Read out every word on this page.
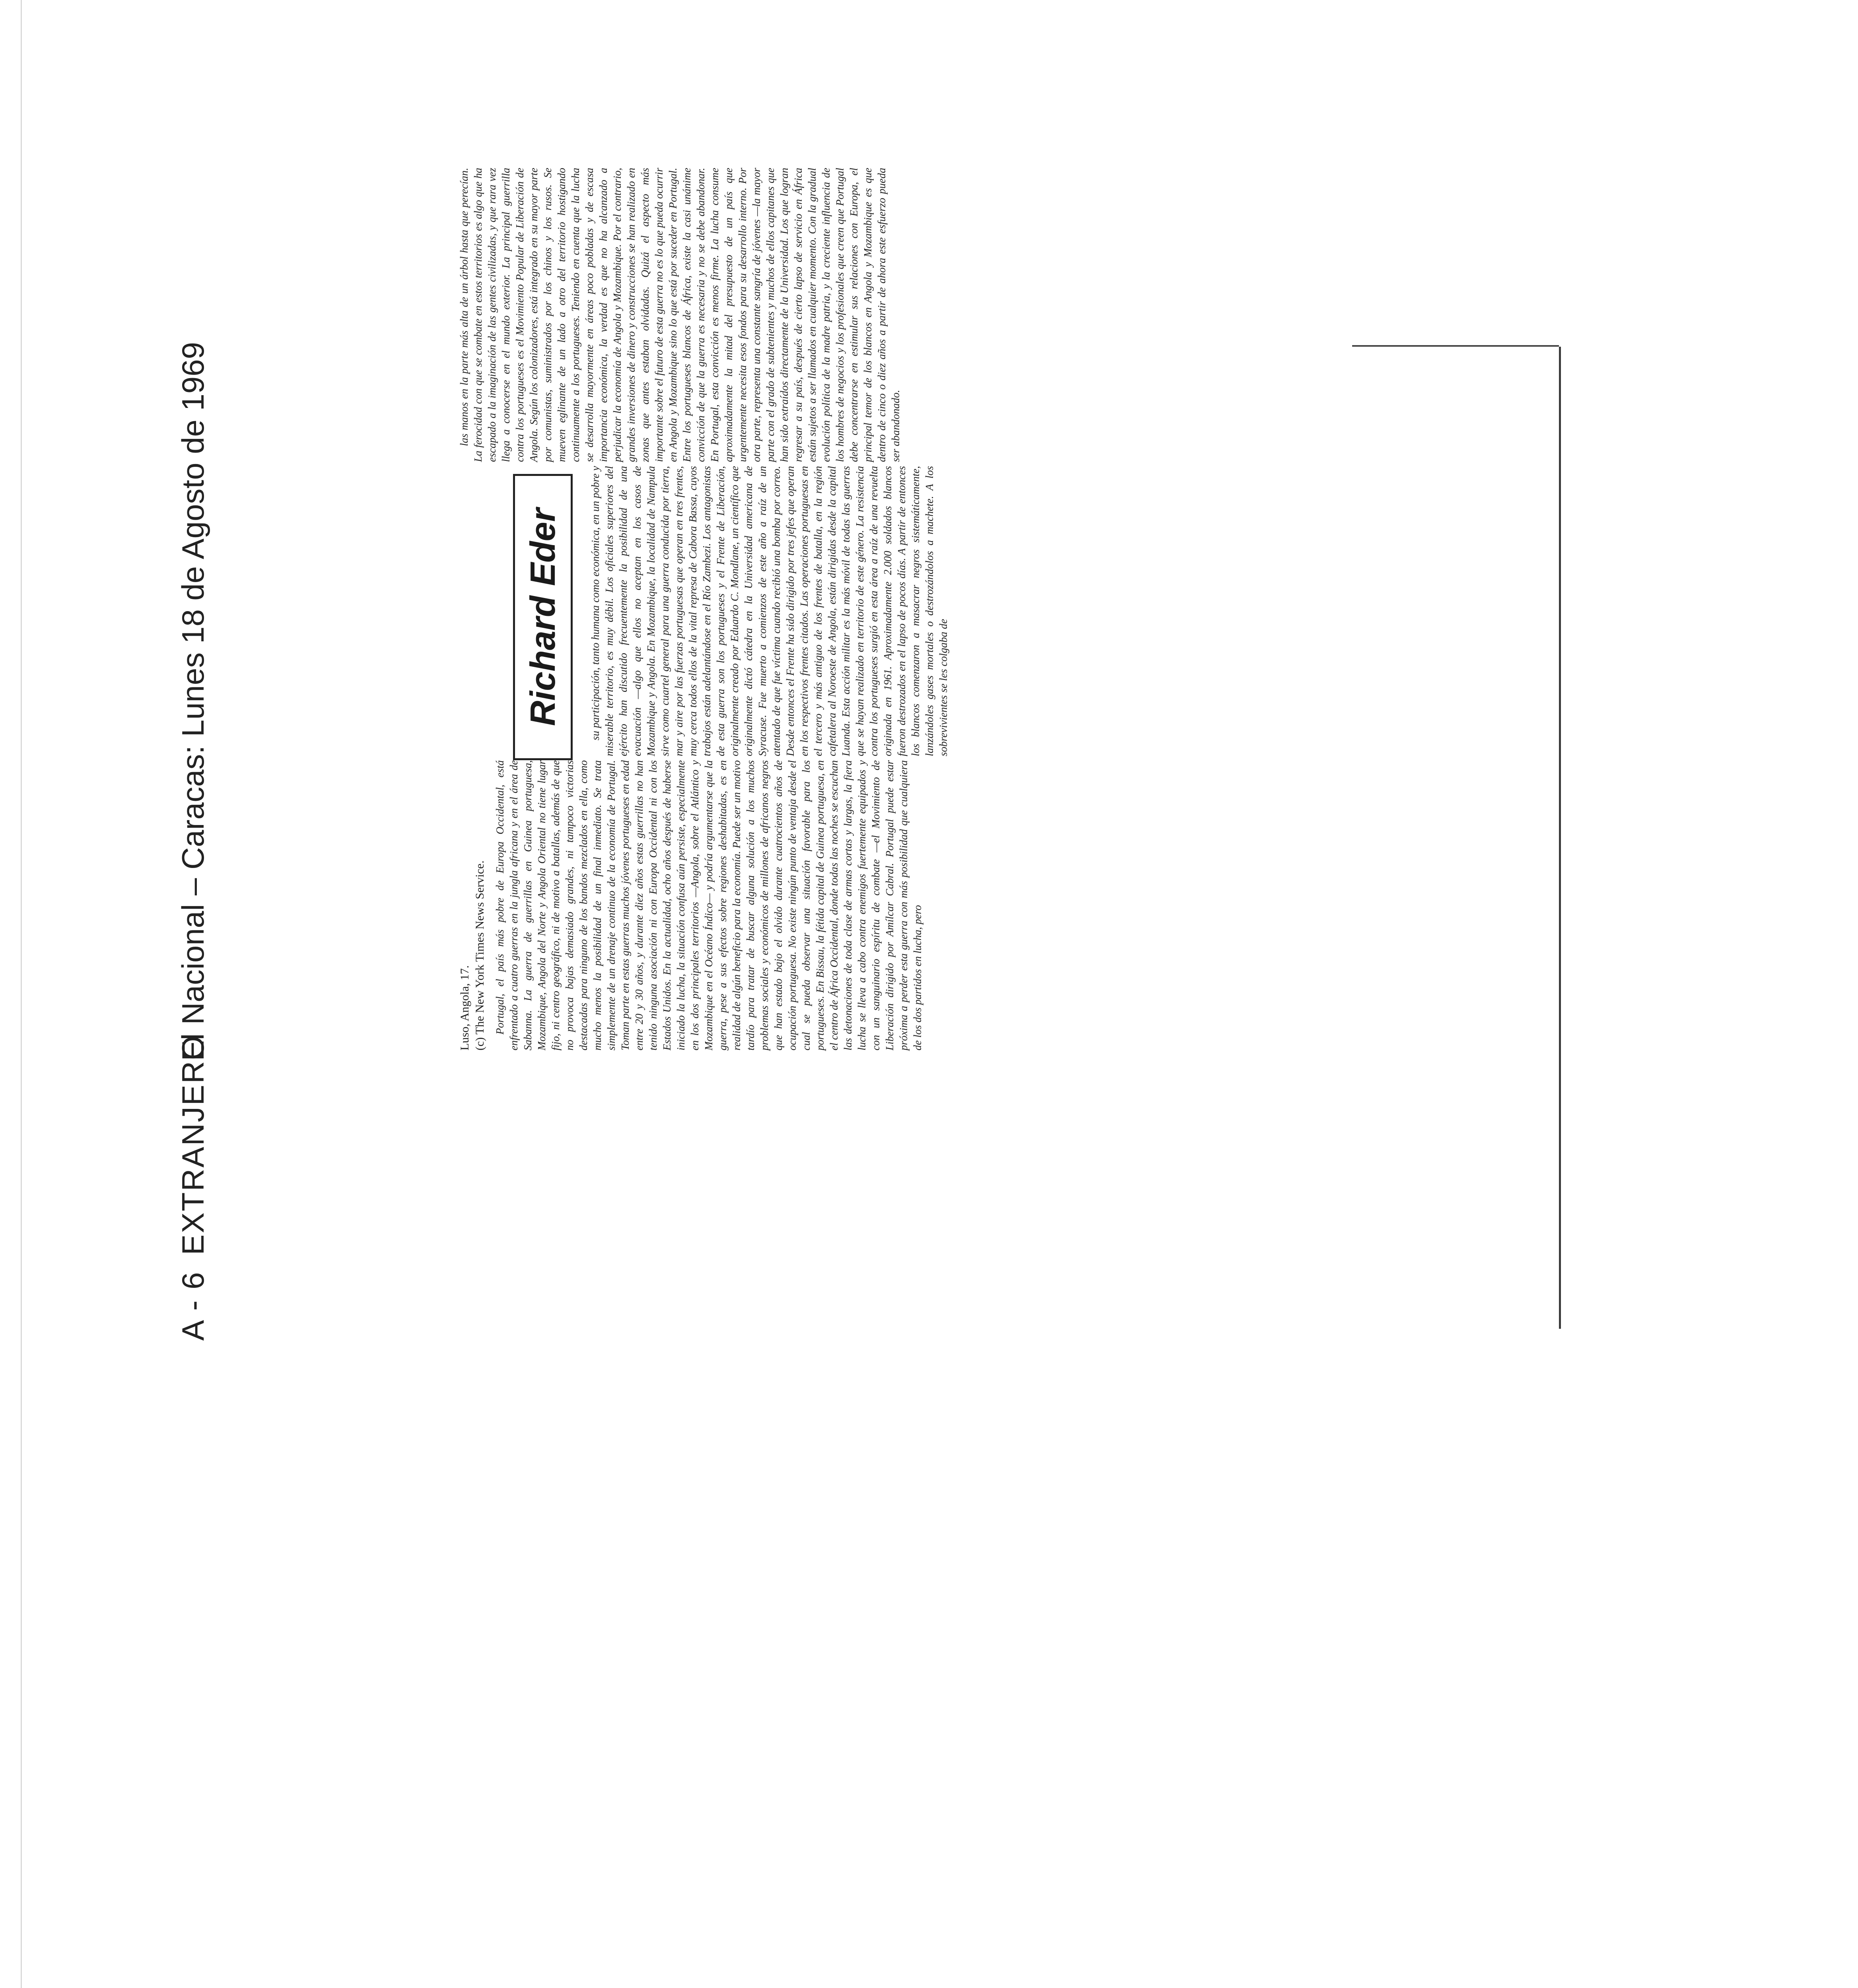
A - 6EXTRANJERO
El Nacional – Caracas: Lunes 18 de Agosto de 1969	Luso, Angola, 17. (c) The New York Times News Service. Portugal, el país más pobre de Europa Occidental, está enfrentado a cuatro guerras en la jungla africana y en el área de Sabanna. La guerra de guerrillas en Guinea portuguesa, Mozambique, Angola del Norte y Angola Oriental no tiene lugar fijo, ni centro geográfico, ni de motivo a batallas, además de que no provoca bajas demasiado grandes, ni tampoco victorias destacadas para ninguno de los bandos mezclados en ella, como mucho menos la posibilidad de un final inmediato. Se trata simplemente de un drenaje continuo de la economía de Portugal. Toman parte en estas guerras muchos jóvenes portugueses en edad entre 20 y 30 años, y durante diez años estas guerrillas no han tenido ninguna asociación ni con Europa Occidental ni con los Estados Unidos. En la actualidad, ocho años después de haberse iniciado la lucha, la situación confusa aún persiste, especialmente en los dos principales territorios —Angola, sobre el Atlántico y Mozambique en el Océano Índico— y podría argumentarse que la guerra, pese a sus efectos sobre regiones deshabitadas, es en realidad de algún beneficio para la economía. Puede ser un motivo tardío para tratar de buscar alguna solución a los muchos problemas sociales y económicos de millones de africanos negros que han estado bajo el olvido durante cuatrocientos años de ocupación portuguesa. No existe ningún punto de ventaja desde el cual se pueda observar una situación favorable para los portugueses. En Bissau, la fétida capital de Guinea portuguesa, en el centro de África Occidental, donde todas las noches se escuchan las detonaciones de toda clase de armas cortas y largas, la fiera lucha se lleva a cabo contra enemigos fuertemente equipados y con un sanguinario espíritu de combate —el Movimiento de Liberación dirigido por Amílcar Cabral. Portugal puede estar próxima a perder esta guerra con más posibilidad que cualquiera de los dos partidos en lucha, pero

Richard Eder	su participación, tanto humana como económica, en un pobre y miserable territorio, es muy débil. Los oficiales superiores del ejército han discutido frecuentemente la posibilidad de una evacuación —algo que ellos no aceptan en los casos de Mozambique y Angola. En Mozambique, la localidad de Nampula sirve como cuartel general para una guerra conducida por tierra, mar y aire por las fuerzas portuguesas que operan en tres frentes, muy cerca todos ellos de la vital represa de Cabora Bassa, cuyos trabajos están adelantándose en el Río Zambezi. Los antagonistas de esta guerra son los portugueses y el Frente de Liberación, originalmente creado por Eduardo C. Mondlane, un científico que originalmente dictó cátedra en la Universidad americana de Syracuse. Fue muerto a comienzos de este año a raíz de un atentado de que fue víctima cuando recibió una bomba por correo. Desde entonces el Frente ha sido dirigido por tres jefes que operan en los respectivos frentes citados. Las operaciones portuguesas en el tercero y más antiguo de los frentes de batalla, en la región cafetalera al Noroeste de Angola, están dirigidas desde la capital Luanda. Esta acción militar es la más móvil de todas las guerras que se hayan realizado en territorio de este género. La resistencia contra los portugueses surgió en esta área a raíz de una revuelta originada en 1961. Aproximadamente 2.000 soldados blancos fueron destrozados en el lapso de pocos días. A partir de entonces los blancos comenzaron a masacrar negros sistemáticamente, lanzándoles gases mortales o destrozándolos a machete. A los sobrevivientes se les colgaba de

las manos en la parte más alta de un árbol hasta que perecían. La ferocidad con que se combate en estos territorios es algo que ha escapado a la imaginación de las gentes civilizadas, y que rara vez llega a conocerse en el mundo exterior. La principal guerrilla contra los portugueses es el Movimiento Popular de Liberación de Angola. Según los colonizadores, está integrado en su mayor parte por comunistas, suministrados por los chinos y los rusos. Se mueven eglinante de un lado a otro del territorio hostigando continuamente a los portugueses. Teniendo en cuenta que la lucha se desarrolla mayormente en áreas poco pobladas y de escasa importancia económica, la verdad es que no ha alcanzado a perjudicar la economía de Angola y Mozambique. Por el contrario, grandes inversiones de dinero y construcciones se han realizado en zonas que antes estaban olvidadas. Quizá el aspecto más importante sobre el futuro de esta guerra no es lo que pueda ocurrir en Angola y Mozambique sino lo que está por suceder en Portugal. Entre los portugueses blancos de África, existe la casi unánime convicción de que la guerra es necesaria y no se debe abandonar. En Portugal, esta convicción es menos firme. La lucha consume aproximadamente la mitad del presupuesto de un país que urgentemente necesita esos fondos para su desarrollo interno. Por otra parte, representa una constante sangría de jóvenes —la mayor parte con el grado de subtenientes y muchos de ellos capitanes que han sido extraídos directamente de la Universidad. Los que logran regresar a su país, después de cierto lapso de servicio en África están sujetos a ser llamados en cualquier momento. Con la gradual evolución política de la madre patria, y la creciente influencia de los hombres de negocios y los profesionales que creen que Portugal debe concentrarse en estimular sus relaciones con Europa, el principal temor de los blancos en Angola y Mozambique es que dentro de cinco o diez años a partir de ahora este esfuerzo pueda ser abandonado.
